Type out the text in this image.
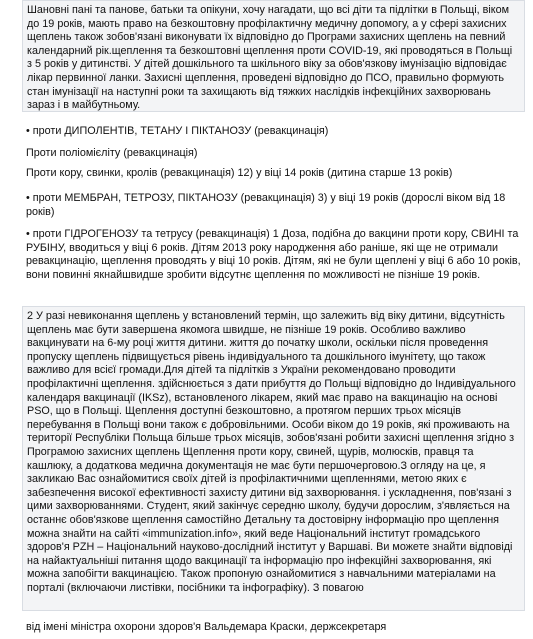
Шановні пані та панове, батьки та опікуни, хочу нагадати, що всі діти та підлітки в Польщі, віком до 19 років, мають право на безкоштовну профілактичну медичну допомогу, а у сфері захисних щеплень також зобов'язані виконувати їх відповідно до Програми захисних щеплень на певний календарний рік.щеплення та безкоштовні щеплення проти COVID-19, які проводяться в Польщі з 5 років у дитинстві. У дітей дошкільного та шкільного віку за обов'язкову імунізацію відповідає лікар первинної ланки. Захисні щеплення, проведені відповідно до ПСО, правильно формують стан імунізації на наступні роки та захищають від тяжких наслідків інфекційних захворювань зараз і в майбутньому.

• проти ДИПОЛЕНТІВ, ТЕТАНУ І ПІКТАНОЗУ (ревакцинація)

Проти поліомієліту (ревакцинація)

Проти кору, свинки, кролів (ревакцинація) 12) у віці 14 років (дитина старше 13 років)

• проти МЕМБРАН, ТЕТРОЗУ, ПІКТАНОЗУ (ревакцинація) 3) у віці 19 років (дорослі віком від 18 років)

• проти ГІДРОГЕНОЗУ та тетрусу (ревакцинація) 1 Доза, подібна до вакцини проти кору, СВИНІ та РУБІНУ, вводиться у віці 6 років. Дітям 2013 року народження або раніше, які ще не отримали ревакцинацію, щеплення проводять у віці 10 років. Дітям, які не були щеплені у віці 6 або 10 років, вони повинні якнайшвидше зробити відсутнє щеплення по можливості не пізніше 19 років.

2 У разі невиконання щеплень у встановлений термін, що залежить від віку дитини, відсутність щеплень має бути завершена якомога швидше, не пізніше 19 років. Особливо важливо вакцинувати на 6-му році життя дитини. життя до початку школи, оскільки після проведення пропуску щеплень підвищується рівень індивідуального та дошкільного імунітету, що також важливо для всієї громади.Для дітей та підлітків з України рекомендовано проводити профілактичні щеплення. здійснюється з дати прибуття до Польщі відповідно до Індивідуального календаря вакцинації (IKSz), встановленого лікарем, який має право на вакцинацію на основі PSO, що в Польщі. Щеплення доступні безкоштовно, а протягом перших трьох місяців перебування в Польщі вони також є добровільними. Особи віком до 19 років, які проживають на території Республіки Польща більше трьох місяців, зобов'язані робити захисні щеплення згідно з Програмою захисних щеплень Щеплення проти кору, свиней, щурів, молюсків, правця та кашлюку, а додаткова медична документація не має бути першочерговою.З огляду на це, я закликаю Вас ознайомитися своїх дітей із профілактичними щепленнями, метою яких є забезпечення високої ефективності захисту дитини від захворювання. і ускладнення, пов'язані з цими захворюваннями. Студент, який закінчує середню школу, будучи дорослим, з'являється на останнє обов'язкове щеплення самостійно Детальну та достовірну інформацію про щеплення можна знайти на сайті «immunization.info», який веде Національний інститут громадського здоров'я PZH – Національний науково-дослідний інститут у Варшаві. Ви можете знайти відповіді на найактуальніші питання щодо вакцинації та інформацію про інфекційні захворювання, які можна запобігти вакцинацією. Також пропоную ознайомитися з навчальними матеріалами на порталі (включаючи листівки, посібники та інфографіку). З повагою

від імені міністра охорони здоров'я Вальдемара Краски, держсекретаря
